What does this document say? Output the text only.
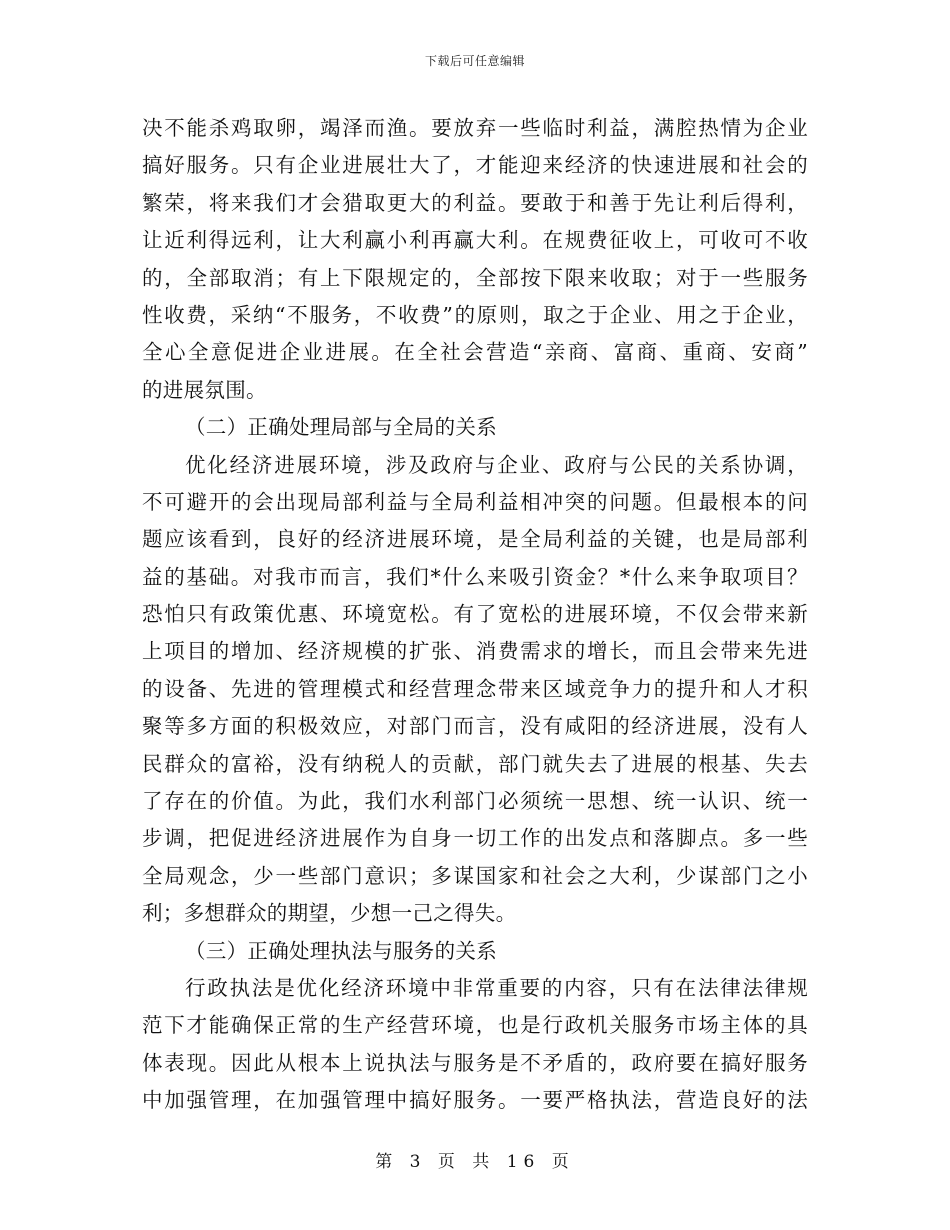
下载后可任意编辑
决不能杀鸡取卵，竭泽而渔。要放弃一些临时利益，满腔热情为企业
搞好服务。只有企业进展壮大了，才能迎来经济的快速进展和社会的
繁荣，将来我们才会猎取更大的利益。要敢于和善于先让利后得利，
让近利得远利，让大利赢小利再赢大利。在规费征收上，可收可不收
的，全部取消；有上下限规定的，全部按下限来收取；对于一些服务
性收费，采纳“不服务，不收费”的原则，取之于企业、用之于企业，
全心全意促进企业进展。在全社会营造“亲商、富商、重商、安商”
的进展氛围。
（二）正确处理局部与全局的关系
优化经济进展环境，涉及政府与企业、政府与公民的关系协调，
不可避开的会出现局部利益与全局利益相冲突的问题。但最根本的问
题应该看到，良好的经济进展环境，是全局利益的关键，也是局部利
益的基础。对我市而言，我们*什么来吸引资金？*什么来争取项目？
恐怕只有政策优惠、环境宽松。有了宽松的进展环境，不仅会带来新
上项目的增加、经济规模的扩张、消费需求的增长，而且会带来先进
的设备、先进的管理模式和经营理念带来区域竞争力的提升和人才积
聚等多方面的积极效应，对部门而言，没有咸阳的经济进展，没有人
民群众的富裕，没有纳税人的贡献，部门就失去了进展的根基、失去
了存在的价值。为此，我们水利部门必须统一思想、统一认识、统一
步调，把促进经济进展作为自身一切工作的出发点和落脚点。多一些
全局观念，少一些部门意识；多谋国家和社会之大利，少谋部门之小
利；多想群众的期望，少想一己之得失。
（三）正确处理执法与服务的关系
行政执法是优化经济环境中非常重要的内容，只有在法律法律规
范下才能确保正常的生产经营环境，也是行政机关服务市场主体的具
体表现。因此从根本上说执法与服务是不矛盾的，政府要在搞好服务
中加强管理，在加强管理中搞好服务。一要严格执法，营造良好的法
第 3 页 共 16 页
